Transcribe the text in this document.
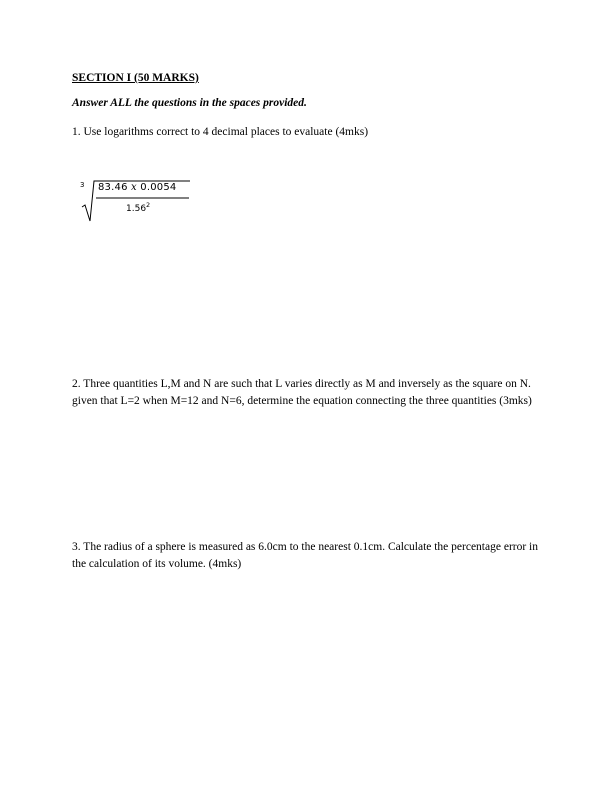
SECTION I (50 MARKS)
Answer ALL the questions in the spaces provided.
1. Use logarithms correct to 4 decimal places to evaluate (4mks)
3 83.46 x 0.0054
1.56$^2$
2. Three quantities L,M and N are such that L varies directly as M and inversely as the square on N. given that L=2 when M=12 and N=6, determine the equation connecting the three quantities (3mks)
3. The radius of a sphere is measured as 6.0cm to the nearest 0.1cm. Calculate the percentage error in the calculation of its volume. (4mks)
